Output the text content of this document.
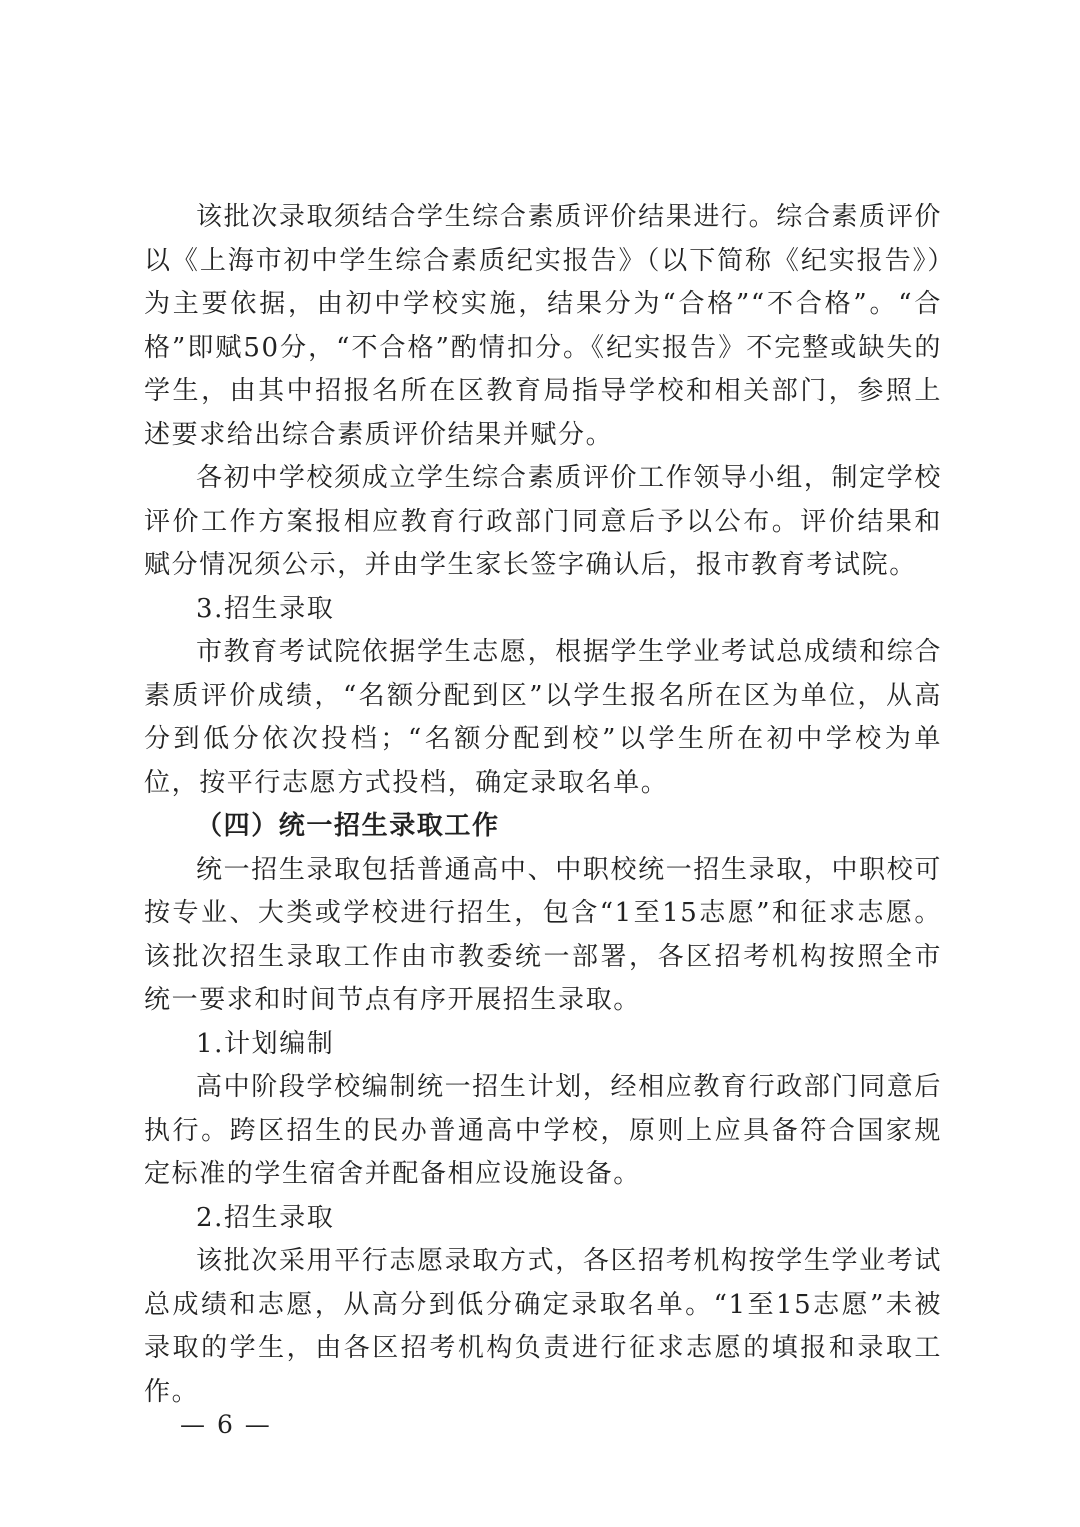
该批次录取须结合学生综合素质评价结果进行。综合素质评价以《上海市初中学生综合素质纪实报告》（以下简称《纪实报告》）为主要依据，由初中学校实施，结果分为“合格”“不合格”。“合格”即赋50分，“不合格”酌情扣分。《纪实报告》不完整或缺失的学生，由其中招报名所在区教育局指导学校和相关部门，参照上述要求给出综合素质评价结果并赋分。

各初中学校须成立学生综合素质评价工作领导小组，制定学校评价工作方案报相应教育行政部门同意后予以公布。评价结果和赋分情况须公示，并由学生家长签字确认后，报市教育考试院。

3.招生录取

市教育考试院依据学生志愿，根据学生学业考试总成绩和综合素质评价成绩，“名额分配到区”以学生报名所在区为单位，从高分到低分依次投档；“名额分配到校”以学生所在初中学校为单位，按平行志愿方式投档，确定录取名单。

（四）统一招生录取工作

统一招生录取包括普通高中、中职校统一招生录取，中职校可按专业、大类或学校进行招生，包含“1至15志愿”和征求志愿。该批次招生录取工作由市教委统一部署，各区招考机构按照全市统一要求和时间节点有序开展招生录取。

1.计划编制

高中阶段学校编制统一招生计划，经相应教育行政部门同意后执行。跨区招生的民办普通高中学校，原则上应具备符合国家规定标准的学生宿舍并配备相应设施设备。

2.招生录取

该批次采用平行志愿录取方式，各区招考机构按学生学业考试总成绩和志愿，从高分到低分确定录取名单。“1至15志愿”未被录取的学生，由各区招考机构负责进行征求志愿的填报和录取工作。

— 6 —
